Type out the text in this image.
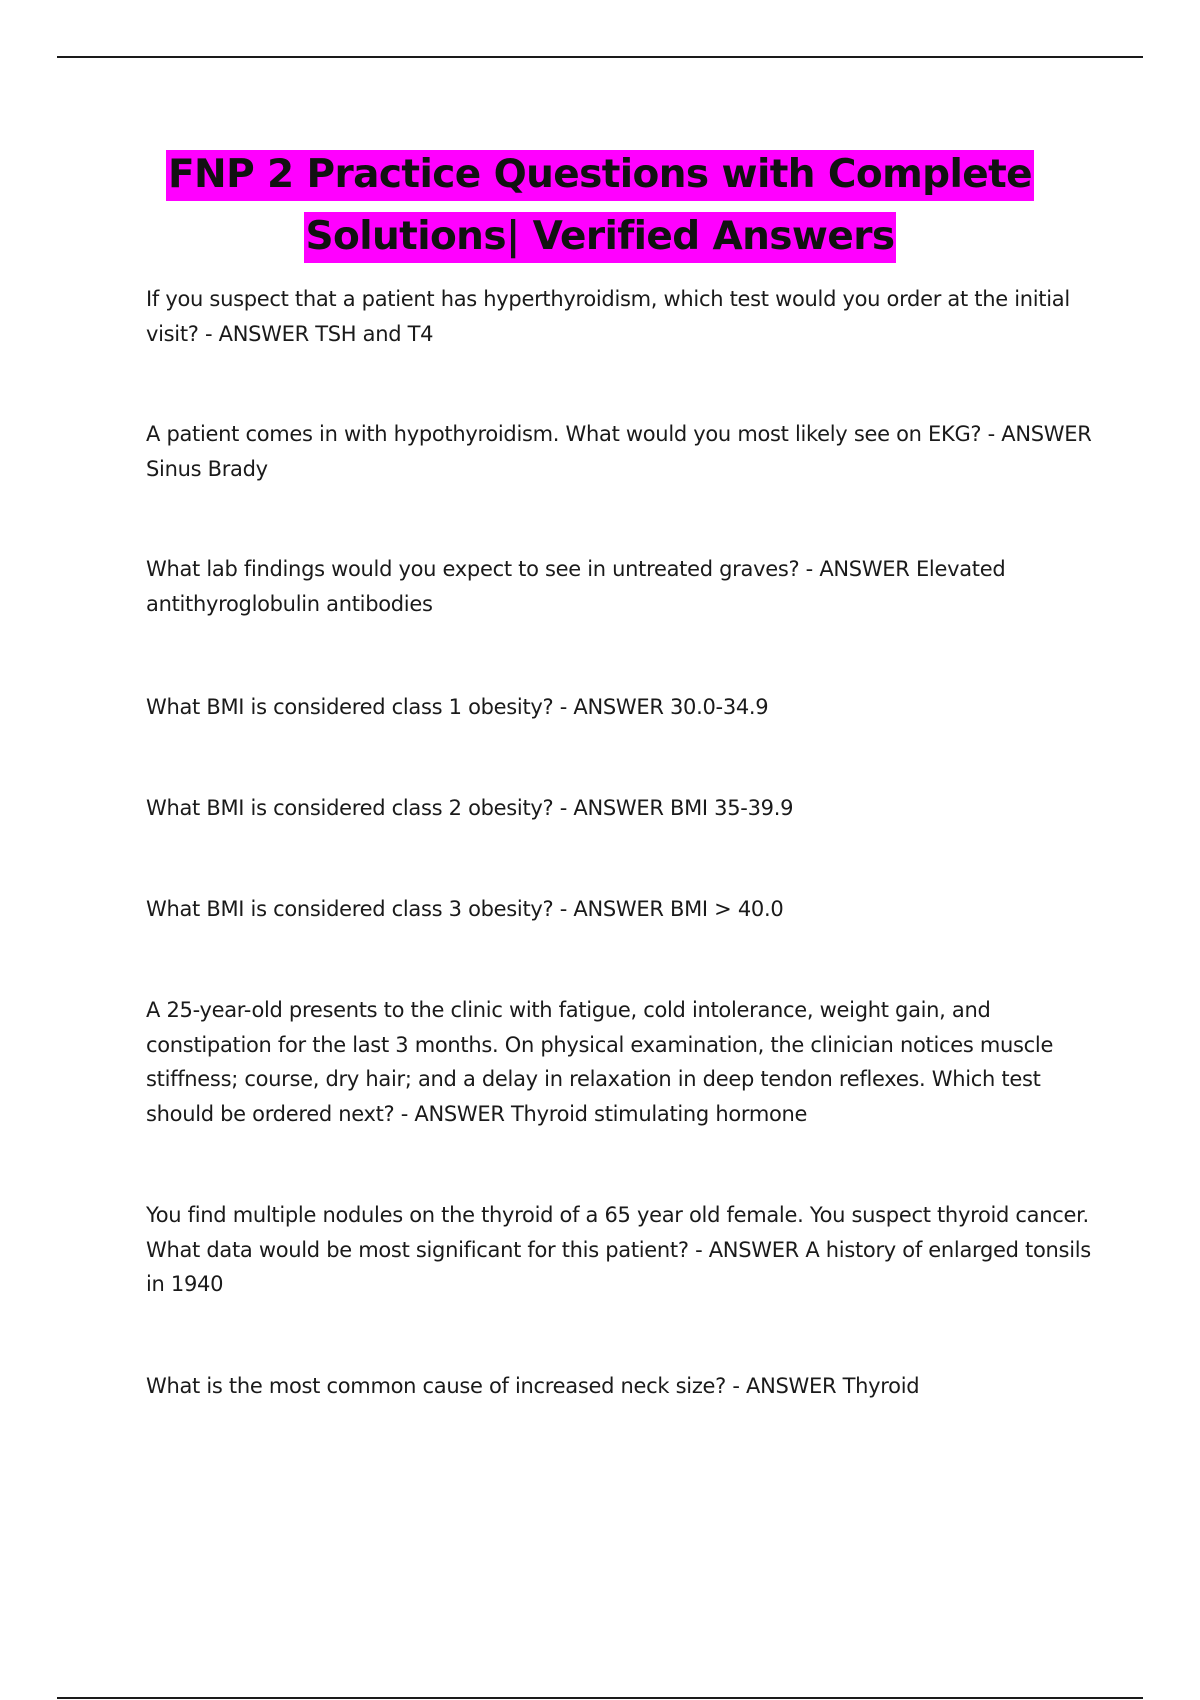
FNP 2 Practice Questions with Complete
Solutions| Verified Answers

If you suspect that a patient has hyperthyroidism, which test would you order at the initial visit? - ANSWER TSH and T4

A patient comes in with hypothyroidism. What would you most likely see on EKG? - ANSWER Sinus Brady

What lab findings would you expect to see in untreated graves? - ANSWER Elevated antithyroglobulin antibodies

What BMI is considered class 1 obesity? - ANSWER 30.0-34.9

What BMI is considered class 2 obesity? - ANSWER BMI 35-39.9

What BMI is considered class 3 obesity? - ANSWER BMI > 40.0

A 25-year-old presents to the clinic with fatigue, cold intolerance, weight gain, and constipation for the last 3 months. On physical examination, the clinician notices muscle stiffness; course, dry hair; and a delay in relaxation in deep tendon reflexes. Which test should be ordered next? - ANSWER Thyroid stimulating hormone

You find multiple nodules on the thyroid of a 65 year old female. You suspect thyroid cancer. What data would be most significant for this patient? - ANSWER A history of enlarged tonsils in 1940

What is the most common cause of increased neck size? - ANSWER Thyroid
